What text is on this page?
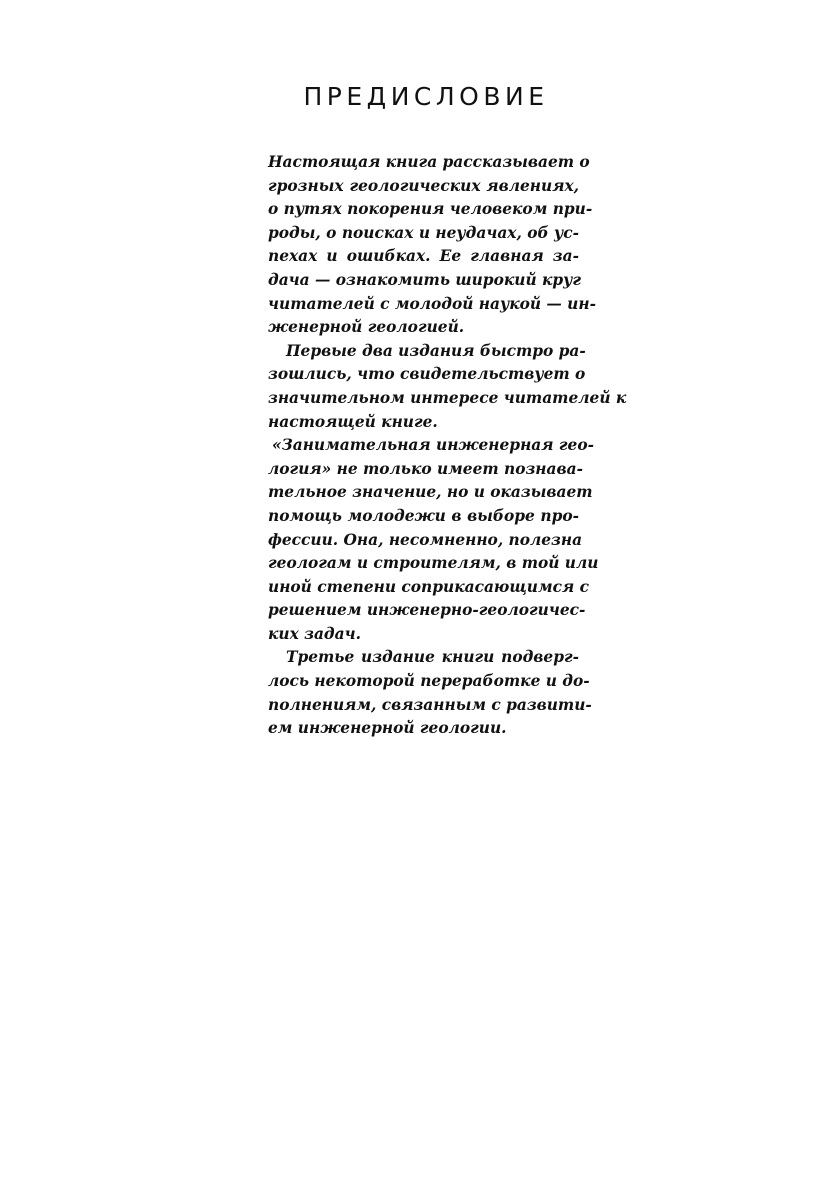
ПРЕДИСЛОВИЕ
Настоящая книга рассказывает о
грозных геологических явлениях,
о путях покорения человеком при-
роды, о поисках и неудачах, об ус-
пехах и ошибках. Ее главная за-
дача — ознакомить широкий круг
читателей с молодой наукой — ин-
женерной геологией.
Первые два издания быстро ра-
зошлись, что свидетельствует о
значительном интересе читателей к
настоящей книге.
«Занимательная инженерная гео-
логия» не только имеет познава-
тельное значение, но и оказывает
помощь молодежи в выборе про-
фессии. Она, несомненно, полезна
геологам и строителям, в той или
иной степени соприкасающимся с
решением инженерно-геологичес-
ких задач.
Третье издание книги подверг-
лось некоторой переработке и до-
полнениям, связанным с развити-
ем инженерной геологии.
